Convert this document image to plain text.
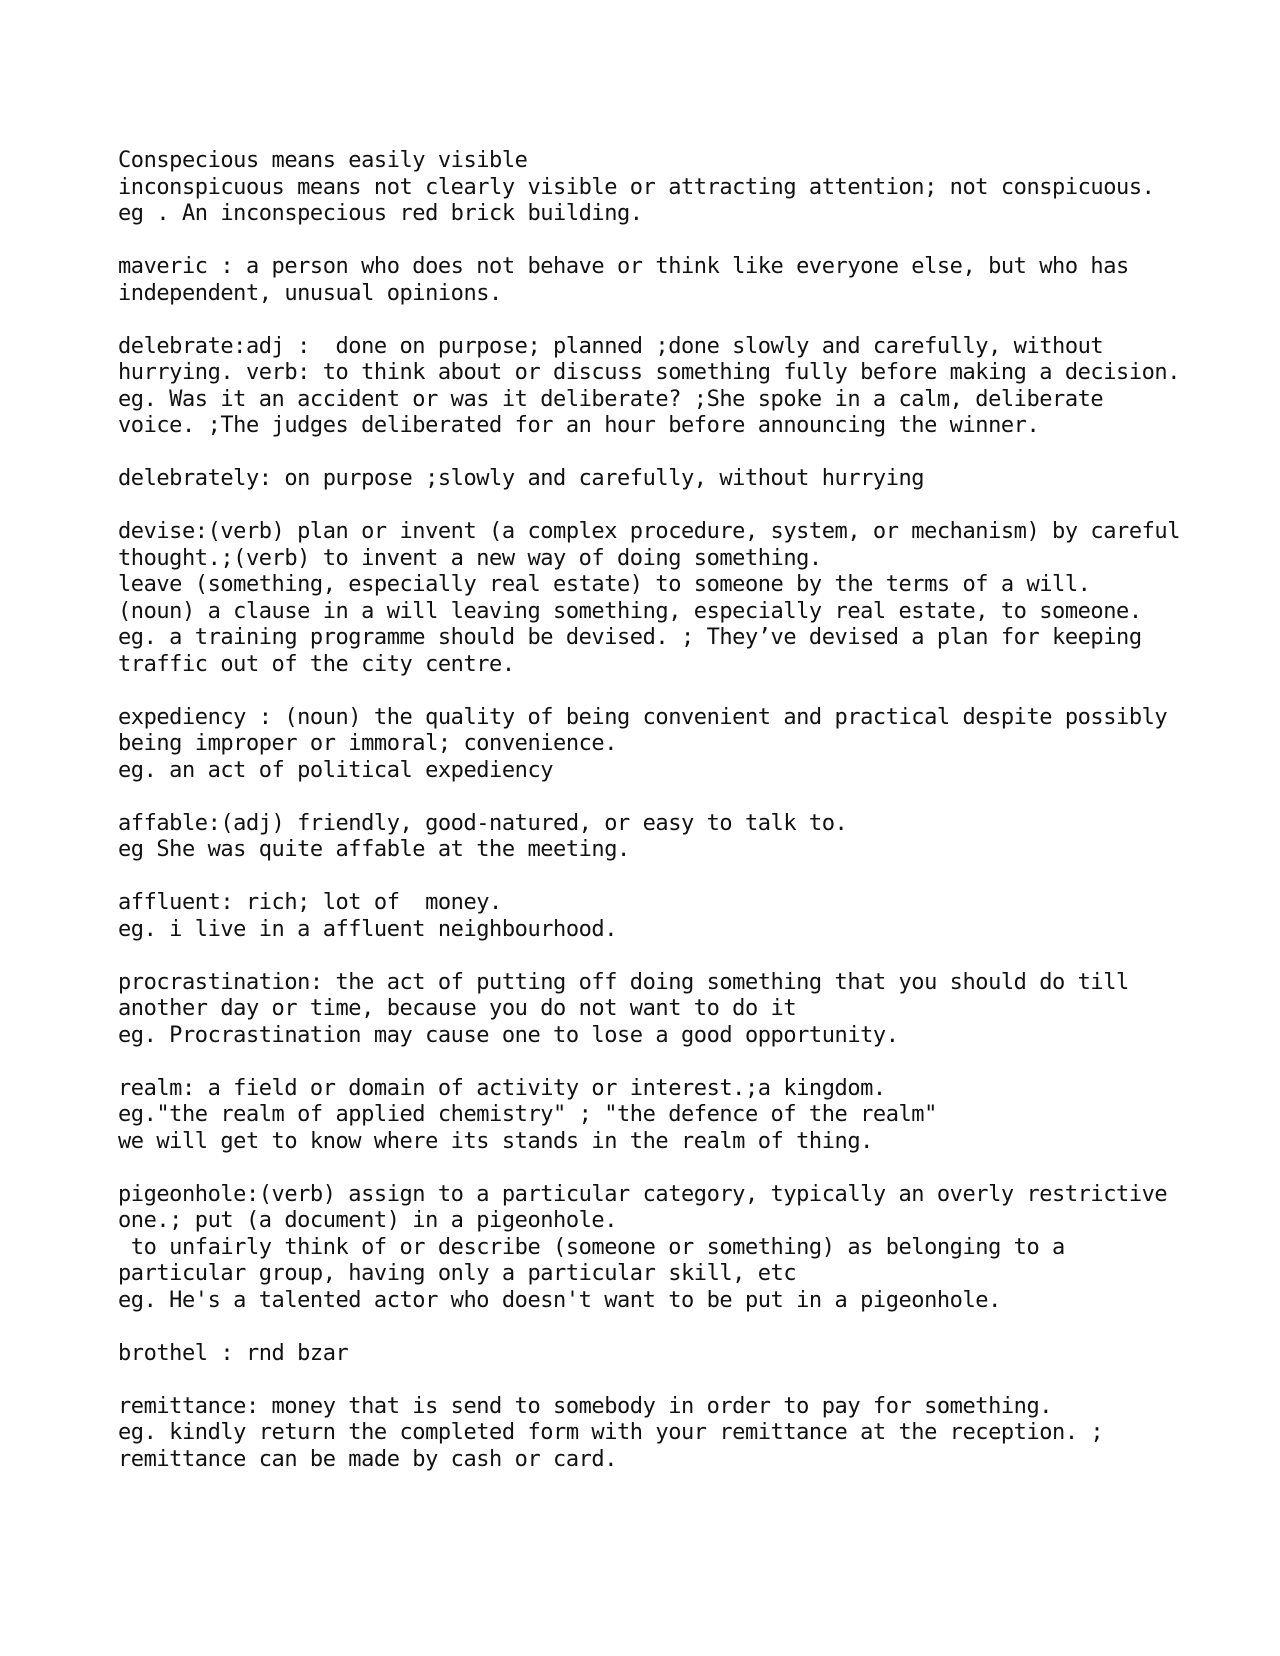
Conspecious means easily visible
inconspicuous means not clearly visible or attracting attention; not conspicuous.
eg . An inconspecious red brick building.
maveric : a person who does not behave or think like everyone else, but who has
independent, unusual opinions.
delebrate:adj :  done on purpose; planned ;done slowly and carefully, without
hurrying. verb: to think about or discuss something fully before making a decision.
eg. Was it an accident or was it deliberate? ;She spoke in a calm, deliberate
voice. ;The judges deliberated for an hour before announcing the winner.
delebrately: on purpose ;slowly and carefully, without hurrying
devise:(verb) plan or invent (a complex procedure, system, or mechanism) by careful
thought.;(verb) to invent a new way of doing something.
leave (something, especially real estate) to someone by the terms of a will.
(noun) a clause in a will leaving something, especially real estate, to someone.
eg. a training programme should be devised. ; They’ve devised a plan for keeping
traffic out of the city centre.
expediency : (noun) the quality of being convenient and practical despite possibly
being improper or immoral; convenience.
eg. an act of political expediency
affable:(adj) friendly, good-natured, or easy to talk to.
eg She was quite affable at the meeting.
affluent: rich; lot of  money.
eg. i live in a affluent neighbourhood.
procrastination: the act of putting off doing something that you should do till
another day or time, because you do not want to do it
eg. Procrastination may cause one to lose a good opportunity.
realm: a field or domain of activity or interest.;a kingdom.
eg."the realm of applied chemistry" ; "the defence of the realm"
we will get to know where its stands in the realm of thing.
pigeonhole:(verb) assign to a particular category, typically an overly restrictive
one.; put (a document) in a pigeonhole.
to unfairly think of or describe (someone or something) as belonging to a
particular group, having only a particular skill, etc
eg. He's a talented actor who doesn't want to be put in a pigeonhole.
brothel : rnd bzar
remittance: money that is send to somebody in order to pay for something.
eg. kindly return the completed form with your remittance at the reception. ;
remittance can be made by cash or card.
